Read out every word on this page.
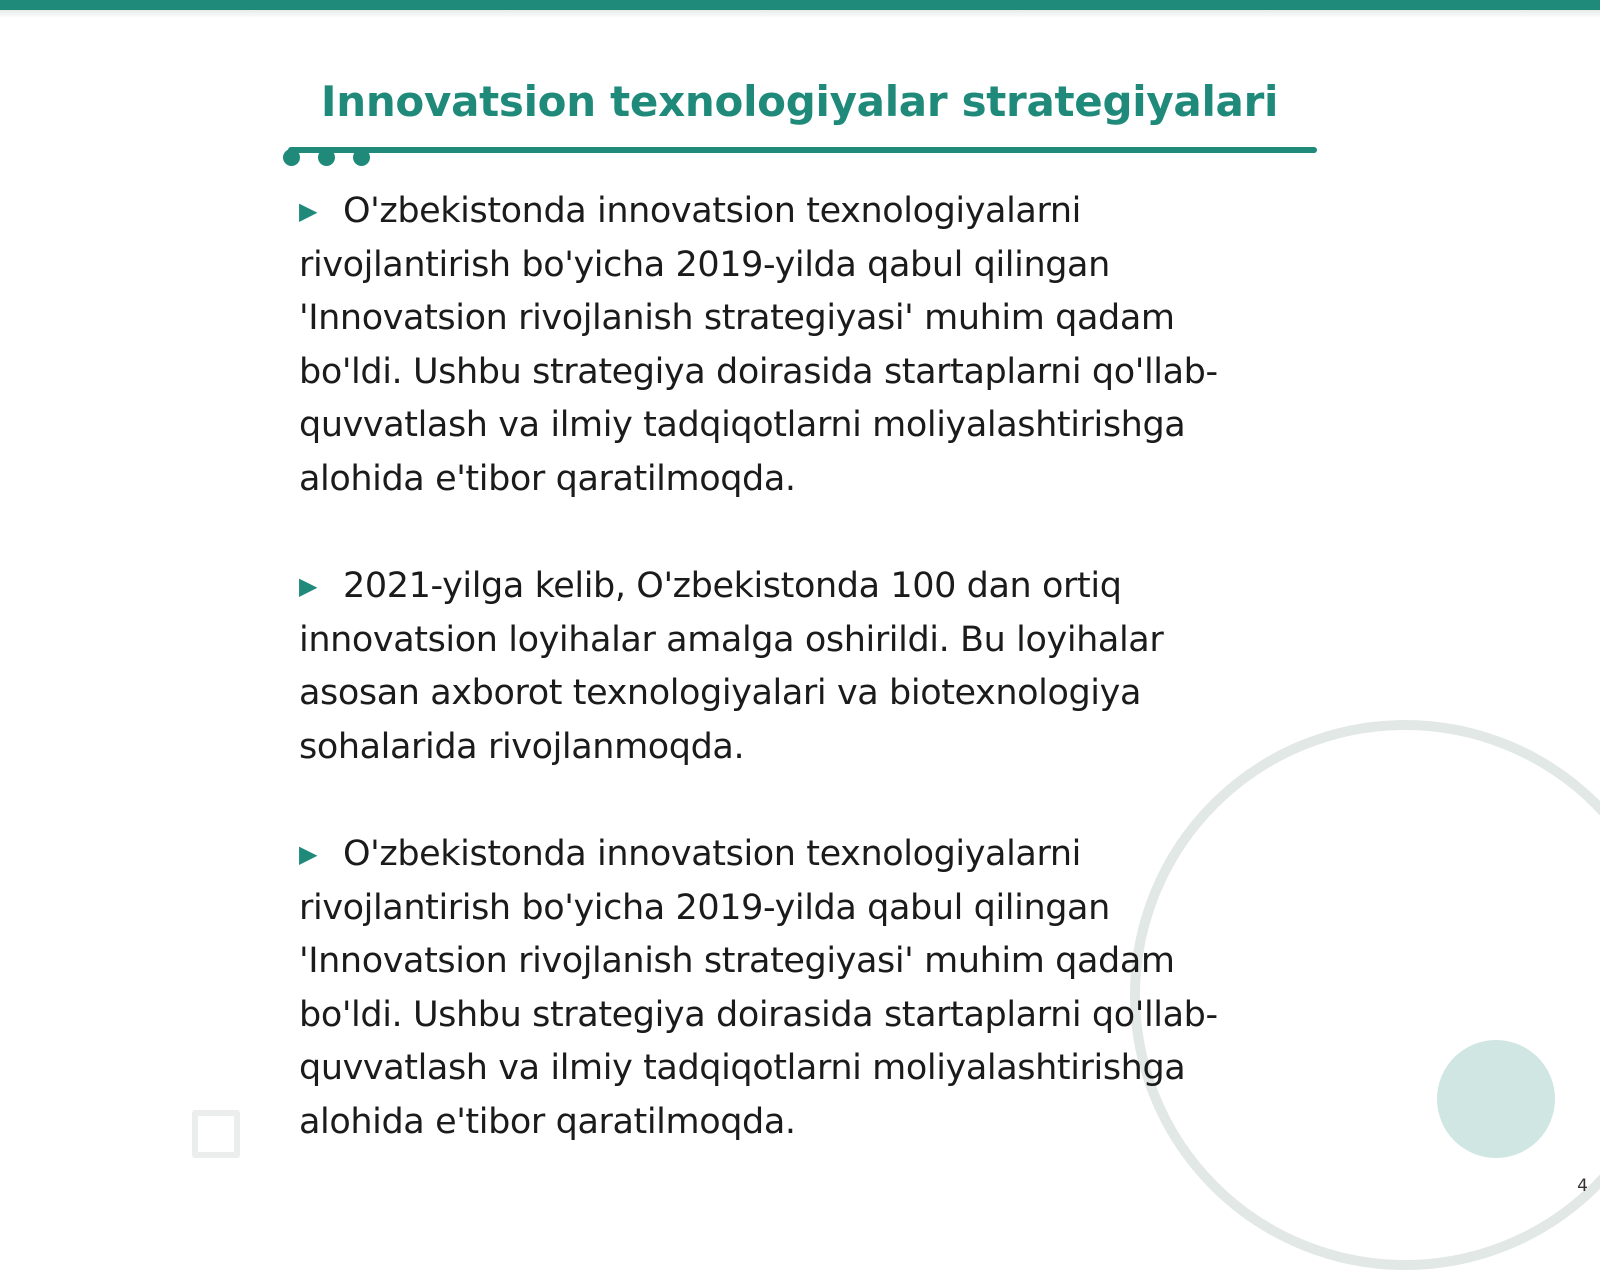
Innovatsion texnologiyalar strategiyalari

▶ O'zbekistonda innovatsion texnologiyalarni rivojlantirish bo'yicha 2019-yilda qabul qilingan 'Innovatsion rivojlanish strategiyasi' muhim qadam bo'ldi. Ushbu strategiya doirasida startaplarni qo'llab-quvvatlash va ilmiy tadqiqotlarni moliyalashtirishga alohida e'tibor qaratilmoqda.

▶ 2021-yilga kelib, O'zbekistonda 100 dan ortiq innovatsion loyihalar amalga oshirildi. Bu loyihalar asosan axborot texnologiyalari va biotexnologiya sohalarida rivojlanmoqda.

▶ O'zbekistonda innovatsion texnologiyalarni rivojlantirish bo'yicha 2019-yilda qabul qilingan 'Innovatsion rivojlanish strategiyasi' muhim qadam bo'ldi. Ushbu strategiya doirasida startaplarni qo'llab-quvvatlash va ilmiy tadqiqotlarni moliyalashtirishga alohida e'tibor qaratilmoqda.

4
